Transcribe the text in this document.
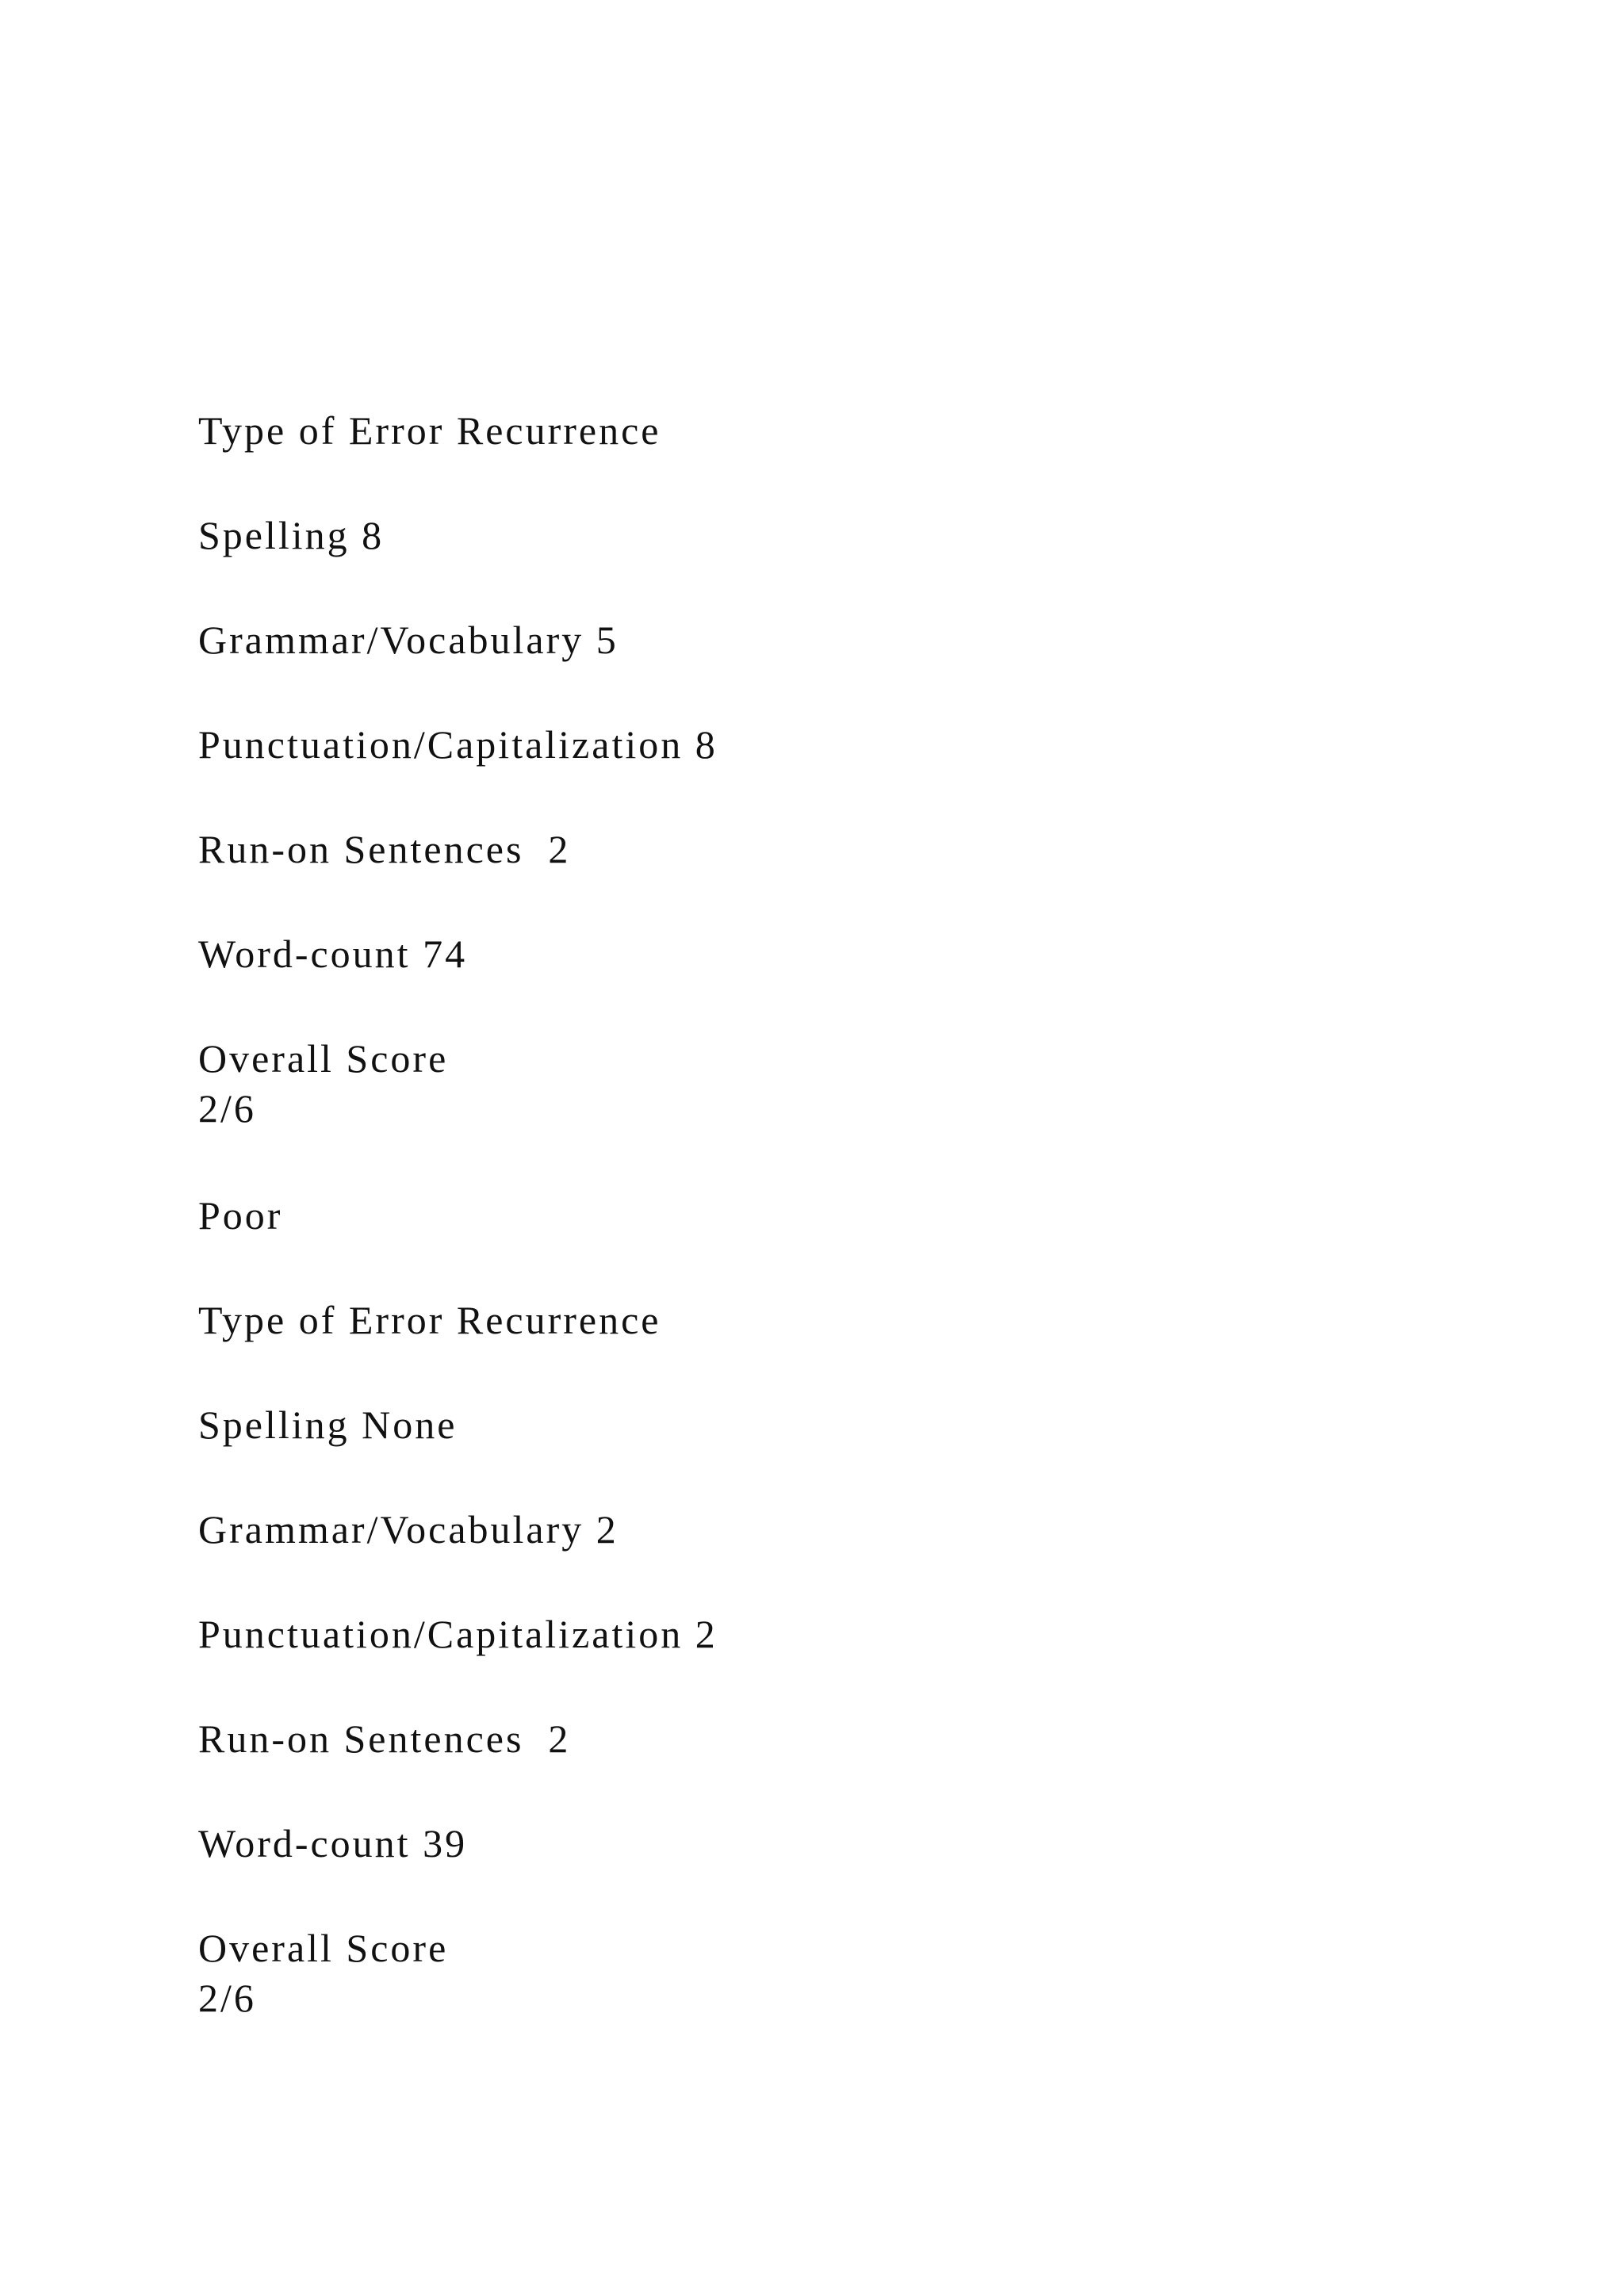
Type of Error Recurrence
Spelling 8
Grammar/Vocabulary 5
Punctuation/Capitalization 8
Run-on Sentences  2
Word-count 74
Overall Score
2/6
Poor
Type of Error Recurrence
Spelling None
Grammar/Vocabulary 2
Punctuation/Capitalization 2
Run-on Sentences  2
Word-count 39
Overall Score
2/6
